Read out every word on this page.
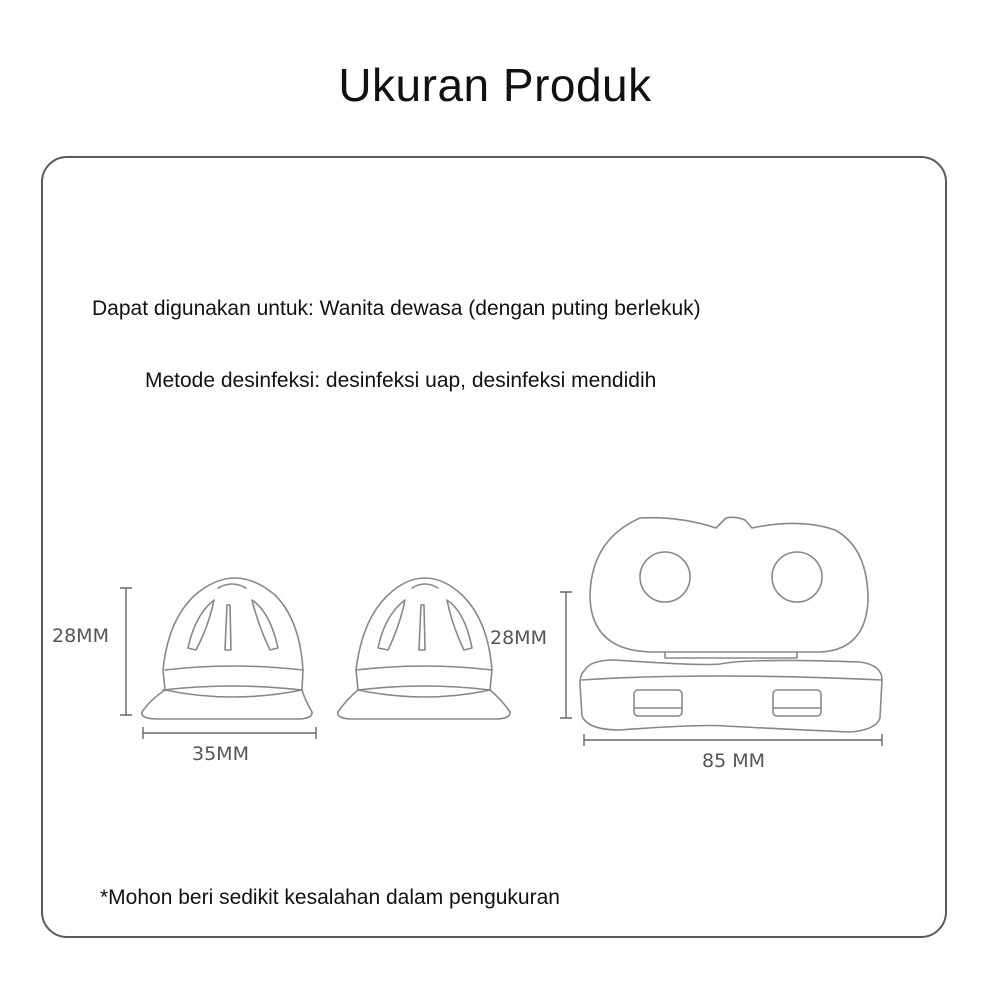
Ukuran Produk
Dapat digunakan untuk: Wanita dewasa (dengan puting berlekuk)
Metode desinfeksi: desinfeksi uap, desinfeksi mendidih
28MM
35MM
28MM
85 MM
*Mohon beri sedikit kesalahan dalam pengukuran
